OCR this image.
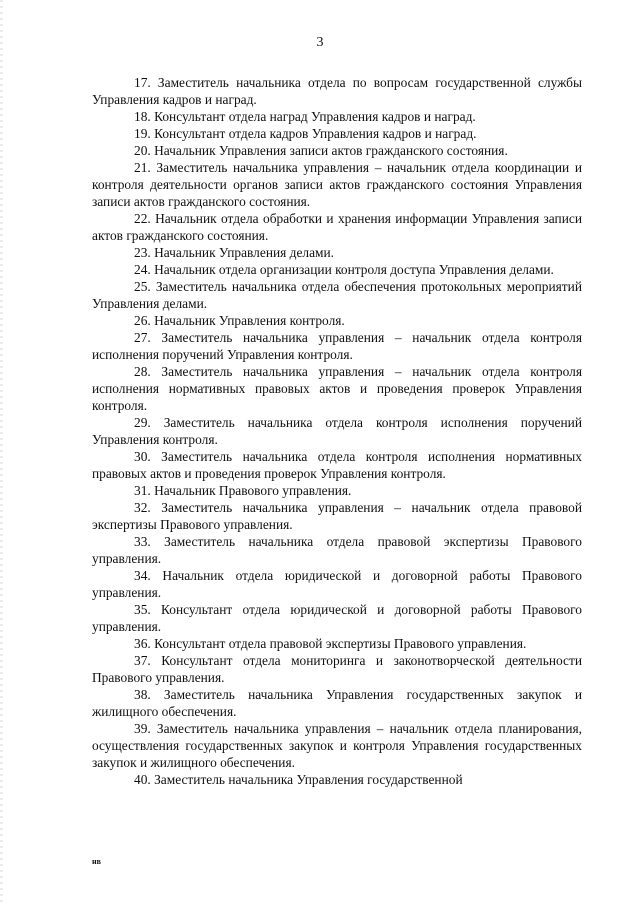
3

17. Заместитель начальника отдела по вопросам государственной службы Управления кадров и наград.

18. Консультант отдела наград Управления кадров и наград.

19. Консультант отдела кадров Управления кадров и наград.

20. Начальник Управления записи актов гражданского состояния.

21. Заместитель начальника управления – начальник отдела координации и контроля деятельности органов записи актов гражданского состояния Управления записи актов гражданского состояния.

22. Начальник отдела обработки и хранения информации Управления записи актов гражданского состояния.

23. Начальник Управления делами.

24. Начальник отдела организации контроля доступа Управления делами.

25. Заместитель начальника отдела обеспечения протокольных мероприятий Управления делами.

26. Начальник Управления контроля.

27. Заместитель начальника управления – начальник отдела контроля исполнения поручений Управления контроля.

28. Заместитель начальника управления – начальник отдела контроля исполнения нормативных правовых актов и проведения проверок Управления контроля.

29. Заместитель начальника отдела контроля исполнения поручений Управления контроля.

30. Заместитель начальника отдела контроля исполнения нормативных правовых актов и проведения проверок Управления контроля.

31. Начальник Правового управления.

32. Заместитель начальника управления – начальник отдела правовой экспертизы Правового управления.

33. Заместитель начальника отдела правовой экспертизы Правового управления.

34. Начальник отдела юридической и договорной работы Правового управления.

35. Консультант отдела юридической и договорной работы Правового управления.

36. Консультант отдела правовой экспертизы Правового управления.

37. Консультант отдела мониторинга и законотворческой деятельности Правового управления.

38. Заместитель начальника Управления государственных закупок и жилищного обеспечения.

39. Заместитель начальника управления – начальник отдела планирования, осуществления государственных закупок и контроля Управления государственных закупок и жилищного обеспечения.

40. Заместитель начальника Управления государственной

нв
